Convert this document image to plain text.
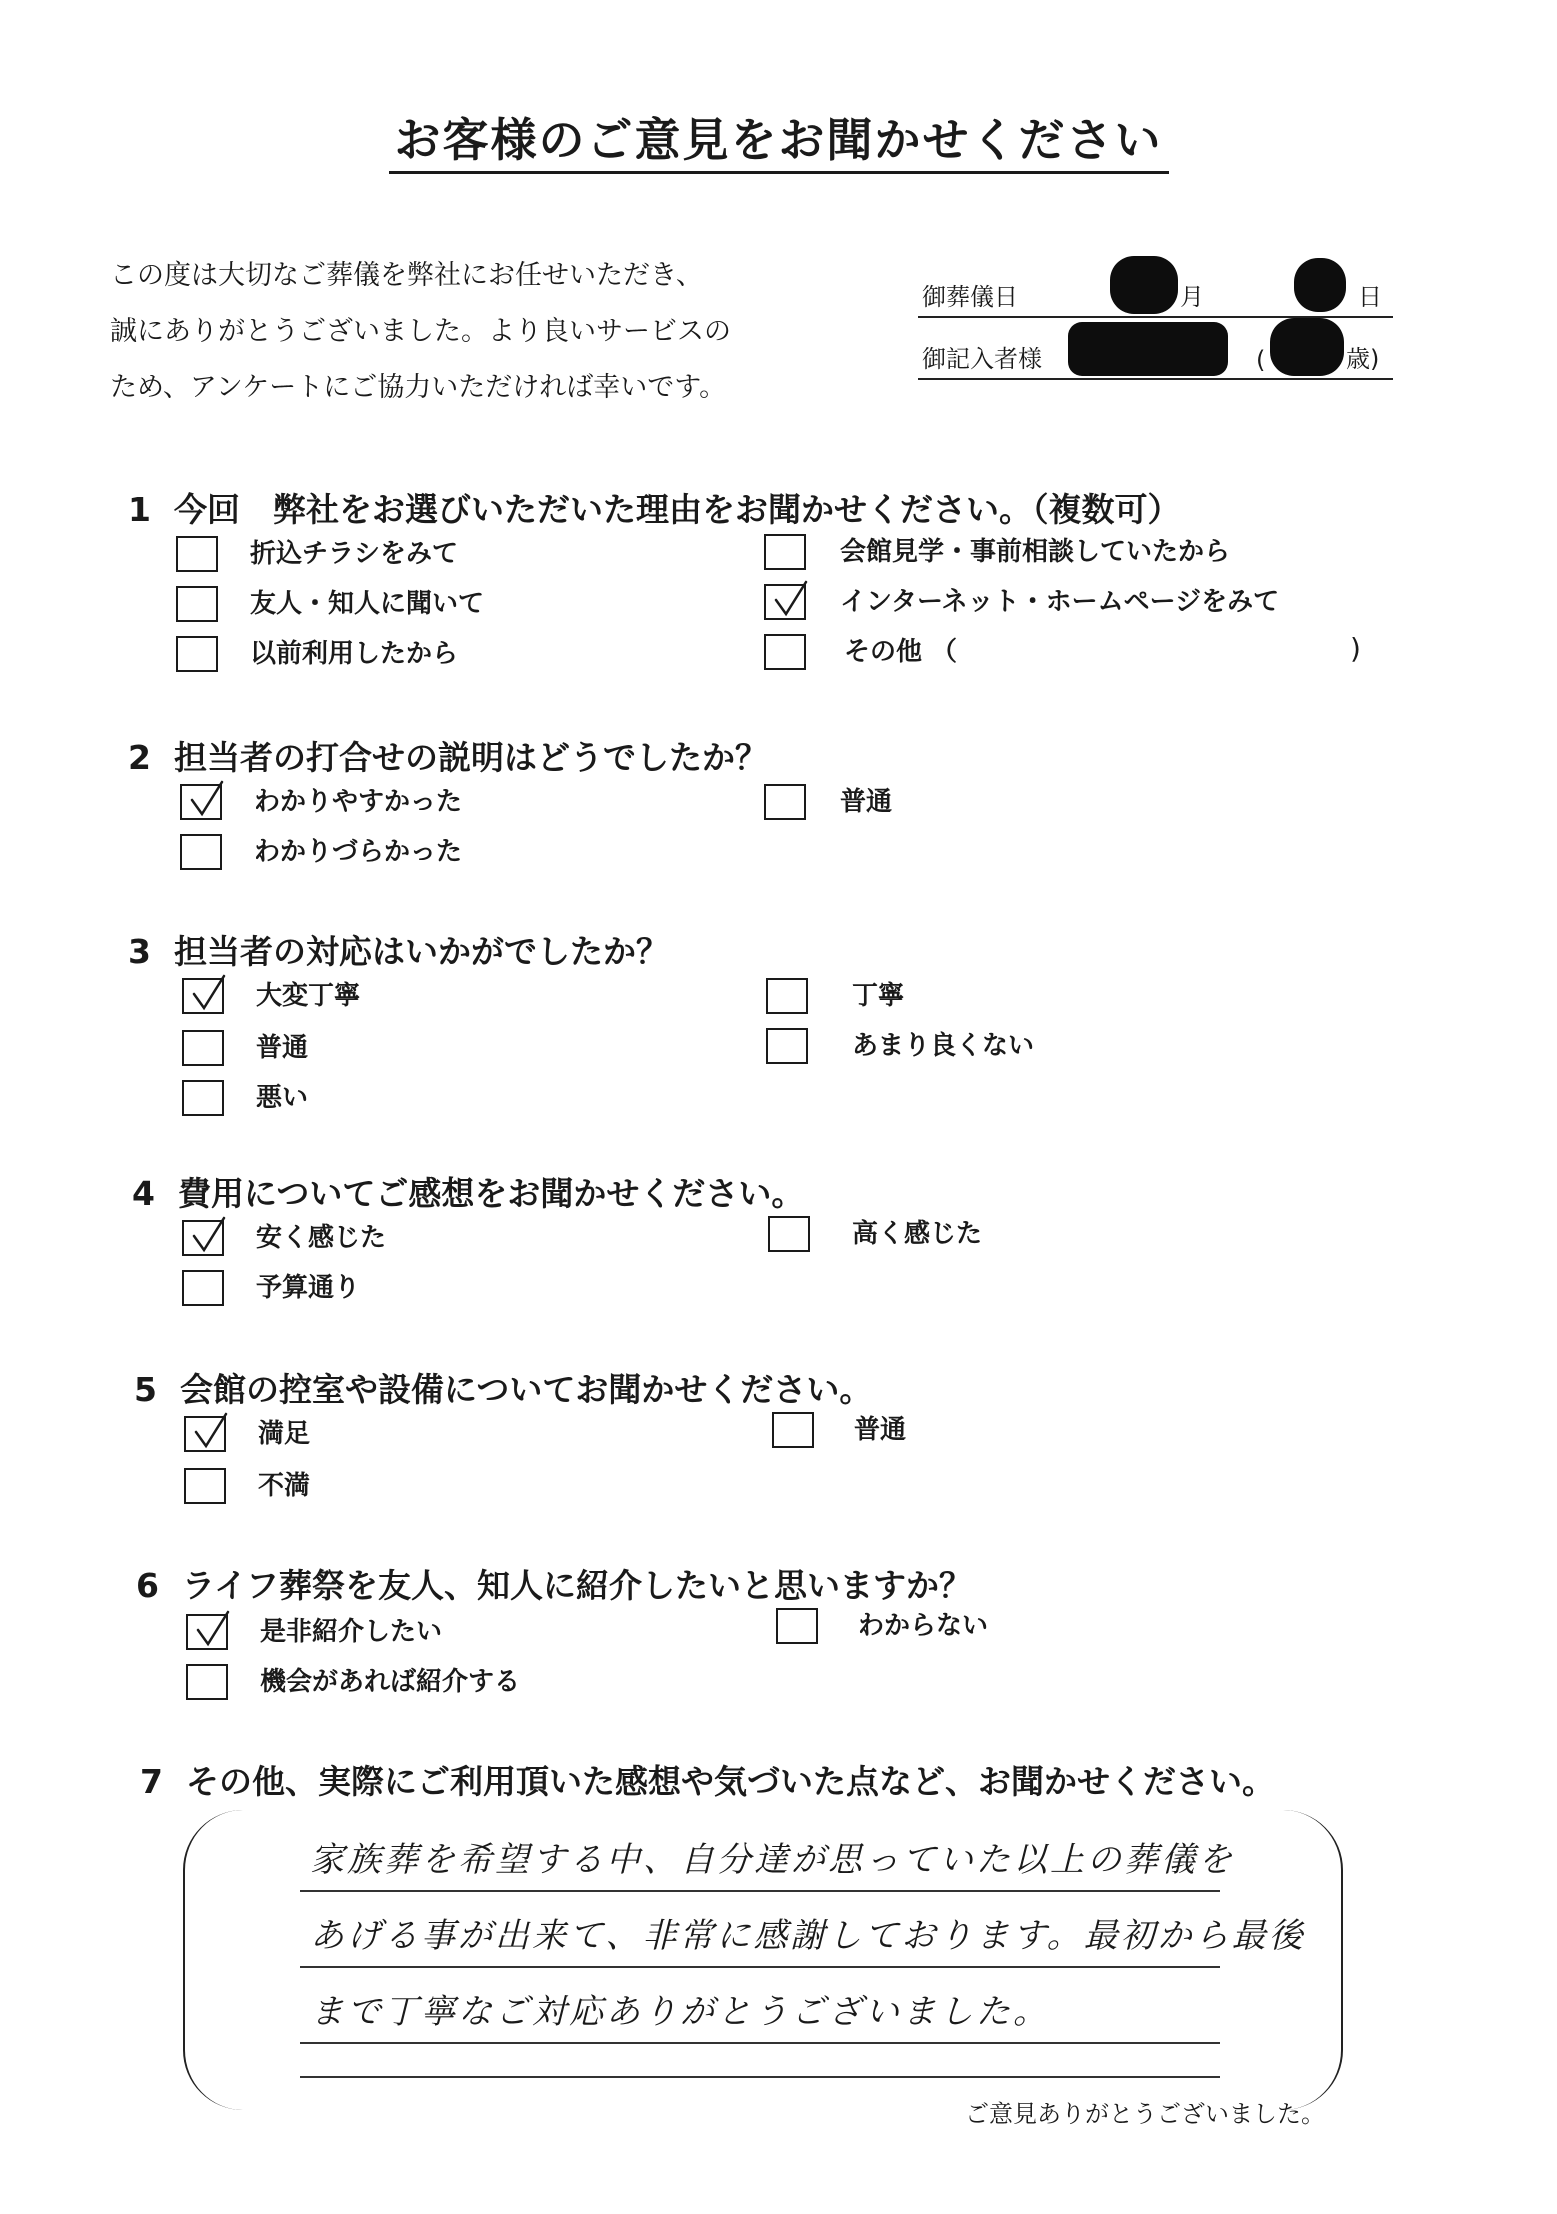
お客様のご意見をお聞かせください
この度は大切なご葬儀を弊社にお任せいただき、
誠にありがとうございました。より良いサービスの
ため、アンケートにご協力いただければ幸いです。
御葬儀日	月	日
御記入者様	(	歳)
1 今回　弊社をお選びいただいた理由をお聞かせください。（複数可）
折込チラシをみて	会館見学・事前相談していたから
友人・知人に聞いて	インターネット・ホームページをみて
以前利用したから	その他 （	)
2 担当者の打合せの説明はどうでしたか？
わかりやすかった	普通
わかりづらかった
3 担当者の対応はいかがでしたか？
大変丁寧	丁寧
普通	あまり良くない
悪い
4 費用についてご感想をお聞かせください。
安く感じた	高く感じた
予算通り
5 会館の控室や設備についてお聞かせください。
満足	普通
不満
6 ライフ葬祭を友人、知人に紹介したいと思いますか？
是非紹介したい	わからない
機会があれば紹介する
7 その他、実際にご利用頂いた感想や気づいた点など、お聞かせください。
家族葬を希望する中、自分達が思っていた以上の葬儀を
あげる事が出来て、非常に感謝しております。最初から最後
まで丁寧なご対応ありがとうございました。
ご意見ありがとうございました。
